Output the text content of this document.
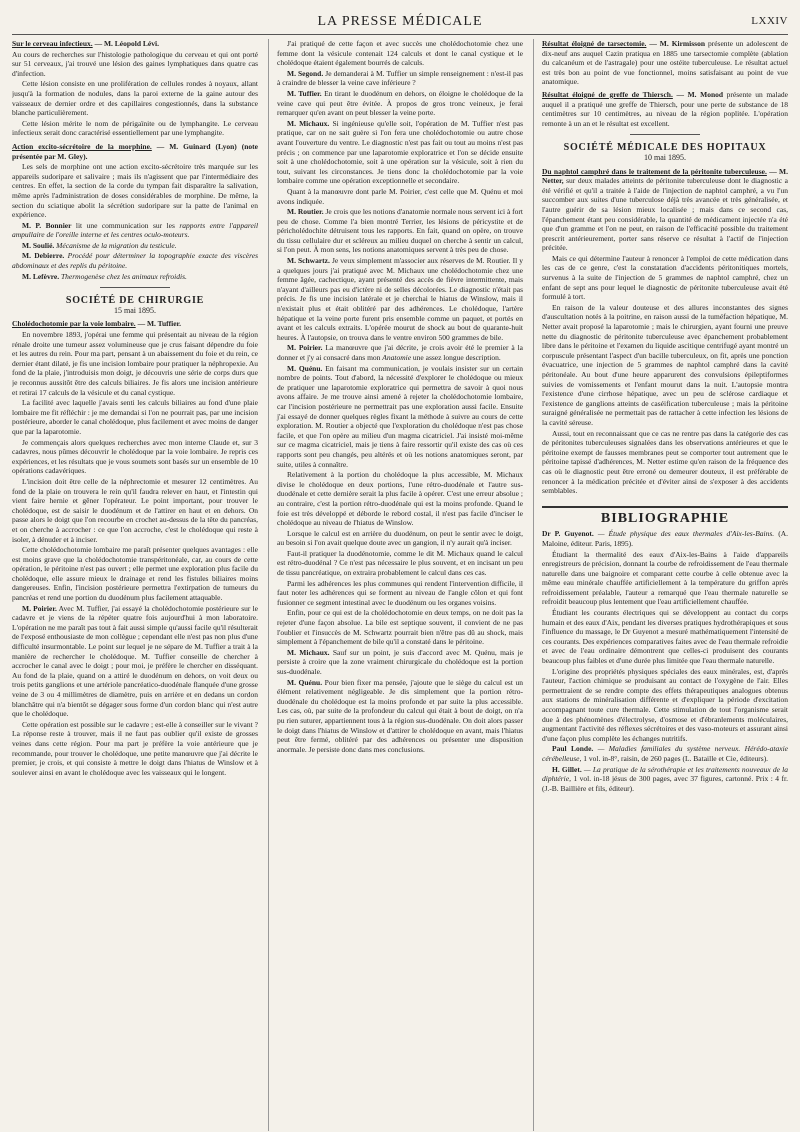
LA PRESSE MÉDICALE	LXXIV

Sur le cerveau infectieux. — M. Léopold Lévi.

Au cours de recherches sur l'histologie pathologique du cerveau et qui ont porté sur 51 cerveaux, j'ai trouvé une lésion des gaines lymphatiques dans quatre cas d'infection.

Cette lésion consiste en une prolifération de cellules rondes à noyaux, allant jusqu'à la formation de nodules, dans la paroi externe de la gaine autour des vaisseaux de dernier ordre et des capillaires congestionnés, dans la substance blanche particulièrement.

Cette lésion mérite le nom de périgaïnite ou de lymphangite. Le cerveau infectieux serait donc caractérisé essentiellement par une lymphangite.

Action excito-sécrétoire de la morphine. — M. Guinard (Lyon) (note présentée par M. Gley).

Les sels de morphine ont une action excito-sécrétoire très marquée sur les appareils sudoripare et salivaire ; mais ils n'agissent que par l'intermédiaire des centres. En effet, la section de la corde du tympan fait disparaître la salivation, même après l'administration de doses considérables de morphine. De même, la section du sciatique abolit la sécrétion sudoripare sur la patte de l'animal en expérience.

M. P. Bonnier lit une communication sur les rapports entre l'appareil ampullaire de l'oreille interne et les centres oculo-moteurs.

M. Soulié. Mécanisme de la migration du testicule.

M. Debierre. Procédé pour déterminer la topographie exacte des viscères abdominaux et des replis du péritoine.

M. Lefèvre. Thermogenèse chez les animaux refroidis.

SOCIÉTÉ DE CHIRURGIE
15 mai 1895.

Cholédochotomie par la voie lombaire. — M. Tuffier.

En novembre 1893, j'opérai une femme qui présentait au niveau de la région rénale droite une tumeur assez volumineuse que je crus faisant dépendre du foie et les autres du rein. Pour ma part, pensant à un abaissement du foie et du rein, ce dernier étant dilaté, je fis une incision lombaire pour pratiquer la néphropexie. Au fond de la plaie, j'introduisis mon doigt, je découvris une série de corps durs que je reconnus aussitôt être des calculs biliaires. Je fis alors une incision antérieure et retirai 17 calculs de la vésicule et du canal cystique.

La facilité avec laquelle j'avais senti les calculs biliaires au fond d'une plaie lombaire me fit réfléchir : je me demandai si l'on ne pourrait pas, par une incision postérieure, aborder le canal cholédoque, plus facilement et avec moins de danger que par la laparotomie.

Je commençais alors quelques recherches avec mon interne Claude et, sur 3 cadavres, nous pûmes découvrir le cholédoque par la voie lombaire. Je repris ces expériences, et les résultats que je vous soumets sont basés sur un ensemble de 10 opérations cadavériques.

L'incision doit être celle de la néphrectomie et mesurer 12 centimètres. Au fond de la plaie on trouvera le rein qu'il faudra relever en haut, et l'intestin qui vient faire hernie et gêner l'opérateur. Le point important, pour trouver le cholédoque, est de saisir le duodénum et de l'attirer en haut et en dehors. On passe alors le doigt que l'on recourbe en crochet au-dessus de la tête du pancréas, et on cherche à accrocher : ce que l'on accroche, c'est le cholédoque qui reste à isoler, à dénuder et à inciser.

Cette cholédochotomie lombaire me paraît présenter quelques avantages : elle est moins grave que la cholédochotomie transpéritonéale, car, au cours de cette opération, le péritoine n'est pas ouvert ; elle permet une exploration plus facile du cholédoque, elle assure mieux le drainage et rend les fistules biliaires moins dangereuses. Enfin, l'incision postérieure permettra l'extirpation de tumeurs du pancréas et rend une portion du duodénum plus facilement attaquable.

M. Poirier. Avec M. Tuffier, j'ai essayé la cholédochotomie postérieure sur le cadavre et je viens de la répéter quatre fois aujourd'hui à mon laboratoire. L'opération ne me paraît pas tout à fait aussi simple qu'aussi facile qu'il résulterait de l'exposé enthousiaste de mon collègue ; cependant elle n'est pas non plus d'une difficulté insurmontable. Le point sur lequel je ne sépare de M. Tuffier a trait à la manière de rechercher le cholédoque. M. Tuffier conseille de chercher à accrocher le canal avec le doigt ; pour moi, je préfère le chercher en disséquant. Au fond de la plaie, quand on a attiré le duodénum en dehors, on voit deux ou trois petits ganglions et une artériole pancréatico-duodénale flanquée d'une grosse veine de 3 ou 4 millimètres de diamètre, puis en arrière et en dedans un cordon blanchâtre qui n'a bientôt se dégager sous forme d'un cordon blanc qui n'est autre que le cholédoque.

Cette opération est possible sur le cadavre ; est-elle à conseiller sur le vivant ? La réponse reste à trouver, mais il ne faut pas oublier qu'il existe de grosses veines dans cette région. Pour ma part je préfère la voie antérieure que je recommande, pour trouver le cholédoque, une petite manœuvre que j'ai décrite le premier, je crois, et qui consiste à mettre le doigt dans l'hiatus de Winslow et à soulever ainsi en avant le cholédoque avec les vaisseaux qui le longent.

J'ai pratiqué de cette façon et avec succès une cholédochotomie chez une femme dont la vésicule contenait 124 calculs et dont le canal cystique et le cholédoque étaient également bourrés de calculs.

M. Segond. Je demanderai à M. Tuffier un simple renseignement : n'est-il pas à craindre de blesser la veine cave inférieure ?

M. Tuffier. En tirant le duodénum en dehors, on éloigne le cholédoque de la veine cave qui peut être évitée. À propos de gros tronc veineux, je ferai remarquer qu'en avant on peut blesser la veine porte.

M. Michaux. Si ingénieuse qu'elle soit, l'opération de M. Tuffier n'est pas pratique, car on ne sait guère si l'on fera une cholédochotomie ou autre chose avant l'ouverture du ventre. Le diagnostic n'est pas fait ou tout au moins n'est pas précis ; on commence par une laparotomie exploratrice et l'on se décide ensuite soit à une cholédochotomie, soit à une opération sur la vésicule, soit à rien du tout, suivant les circonstances. Je tiens donc la cholédochotomie par la voie lombaire comme une opération exceptionnelle et secondaire.

Quant à la manœuvre dont parle M. Poirier, c'est celle que M. Quénu et moi avons indiquée.

M. Routier. Je crois que les notions d'anatomie normale nous servent ici à fort peu de chose. Comme l'a bien montré Terrier, les lésions de péricystite et de péricholédochite détruisent tous les rapports. En fait, quand on opère, on trouve du tissu cellulaire dur et scléreux au milieu duquel on cherche à sentir un calcul, si l'on peut. À mon sens, les notions anatomiques servent à très peu de chose.

M. Schwartz. Je veux simplement m'associer aux réserves de M. Routier. Il y a quelques jours j'ai pratiqué avec M. Michaux une cholédochotomie chez une femme âgée, cachectique, ayant présenté des accès de fièvre intermittente, mais n'ayant d'ailleurs pas eu d'ictère ni de selles décolorées. Le diagnostic n'était pas précis. Je fis une incision latérale et je cherchai le hiatus de Winslow, mais il n'existait plus et était oblitéré par des adhérences. Le cholédoque, l'artère hépatique et la veine porte furent pris ensemble comme un paquet, et portés en avant et les calculs extraits. L'opérée mourut de shock au bout de quarante-huit heures. À l'autopsie, on trouva dans le ventre environ 500 grammes de bile.

M. Poirier. La manœuvre que j'ai décrite, je crois avoir été le premier à la donner et j'y ai consacré dans mon Anatomie une assez longue description.

M. Quénu. En faisant ma communication, je voulais insister sur un certain nombre de points. Tout d'abord, la nécessité d'explorer le cholédoque ou mieux de pratiquer une laparotomie exploratrice qui permettra de savoir à quoi nous avons affaire. Je me trouve ainsi amené à rejeter la cholédochotomie lombaire, car l'incision postérieure ne permettrait pas une exploration aussi facile. Ensuite j'ai essayé de donner quelques règles fixant la méthode à suivre au cours de cette exploration. M. Routier a objecté que l'exploration du cholédoque n'est pas chose facile, et que l'on opère au milieu d'un magma cicatriciel. J'ai insisté moi-même sur ce magma cicatriciel, mais je tiens à faire ressortir qu'il existe des cas où ces rapports sont peu changés, peu altérés et où les notions anatomiques seront, par suite, utiles à connaître.

Relativement à la portion du cholédoque la plus accessible, M. Michaux divise le cholédoque en deux portions, l'une rétro-duodénale et l'autre sus-duodénale et cette dernière serait la plus facile à opérer. C'est une erreur absolue ; au contraire, c'est la portion rétro-duodénale qui est la moins profonde. Quand le foie est très développé et déborde le rebord costal, il n'est pas facile d'inciser le cholédoque au niveau de l'hiatus de Winslow.

Lorsque le calcul est en arrière du duodénum, on peut le sentir avec le doigt, au besoin si l'on avait quelque doute avec un gangion, il n'y aurait qu'à inciser.

Faut-il pratiquer la duodénotomie, comme le dit M. Michaux quand le calcul est rétro-duodénal ? Ce n'est pas nécessaire le plus souvent, et en incisant un peu de tissu pancréatique, on extraira probablement le calcul dans ces cas.

Parmi les adhérences les plus communes qui rendent l'intervention difficile, il faut noter les adhérences qui se forment au niveau de l'angle côlon et qui font fusionner ce segment intestinal avec le duodénum ou les organes voisins.

Enfin, pour ce qui est de la cholédochotomie en deux temps, on ne doit pas la rejeter d'une façon absolue. La bile est septique souvent, il convient de ne pas l'oublier et l'insuccès de M. Schwartz pourrait bien n'être pas dû au shock, mais simplement à l'épanchement de bile qu'il a constaté dans le péritoine.

M. Michaux. Sauf sur un point, je suis d'accord avec M. Quénu, mais je persiste à croire que la zone vraiment chirurgicale du cholédoque est la portion sus-duodénale.

M. Quénu. Pour bien fixer ma pensée, j'ajoute que le siège du calcul est un élément relativement négligeable. Je dis simplement que la portion rétro-duodénale du cholédoque est la moins profonde et par suite la plus accessible. Les cas, où, par suite de la profondeur du calcul qui était à bout de doigt, on n'a pu rien suturer, appartiennent tous à la région sus-duodénale. On doit alors passer le doigt dans l'hiatus de Winslow et d'attirer le cholédoque en avant, mais l'hiatus peut être fermé, oblitéré par des adhérences ou présenter une disposition anormale. Je persiste donc dans mes conclusions.

Résultat éloigné de tarsectomie. — M. Kirmisson présente un adolescent de dix-neuf ans auquel Cazin pratiqua en 1885 une tarsectomie complète (ablation du calcanéum et de l'astragale) pour une ostéite tuberculeuse. Le résultat actuel est très bon au point de vue fonctionnel, moins satisfaisant au point de vue anatomique.

Résultat éloigné de greffe de Thiersch. — M. Monod présente un malade auquel il a pratiqué une greffe de Thiersch, pour une perte de substance de 18 centimètres sur 10 centimètres, au niveau de la région poplitée. L'opération remonte à un an et le résultat est excellent.

SOCIÉTÉ MÉDICALE DES HOPITAUX
10 mai 1895.

Du naphtol camphré dans le traitement de la péritonite tuberculeuse. — M. Netter, sur deux malades atteints de péritonite tuberculeuse dont le diagnostic a été vérifié et qu'il a traitée à l'aide de l'injection de naphtol camphré, a vu l'un succomber aux suites d'une tuberculose déjà très avancée et très généralisée, et l'autre guérir de sa lésion mieux localisée ; mais dans ce second cas, l'épanchement étant peu considérable, la quantité de médicament injectée n'a été que d'un gramme et l'on ne peut, en raison de l'efficacité possible du traitement prescrit antérieurement, porter sans réserve ce résultat à l'actif de l'injection précitée.

Mais ce qui détermine l'auteur à renoncer à l'emploi de cette médication dans les cas de ce genre, c'est la constatation d'accidents péritonitiques mortels, survenus à la suite de l'injection de 5 grammes de naphtol camphré, chez un enfant de sept ans pour lequel le diagnostic de péritonite tuberculeuse avait été formulé à tort.

En raison de la valeur douteuse et des allures inconstantes des signes d'auscultation notés à la poitrine, en raison aussi de la tuméfaction hépatique, M. Netter avait proposé la laparotomie ; mais le chirurgien, ayant fourni une preuve nette du diagnostic de péritonite tuberculeuse avec épanchement probablement libre dans le péritoine et l'examen du liquide ascitique centrifugé ayant montré un corpuscule présentant l'aspect d'un bacille tuberculeux, on fit, après une ponction évacuatrice, une injection de 5 grammes de naphtol camphré dans la cavité péritonéale. Au bout d'une heure apparurent des convulsions épileptiformes suivies de vomissements et l'enfant mourut dans la nuit. L'autopsie montra l'existence d'une cirrhose hépatique, avec un peu de sclérose cardiaque et l'existence de ganglions atteints de caséification tuberculeuse ; mais la péritoine suraigné généralisée ne permettait pas de rattacher à cette infection les lésions de la cavité séreuse.

Aussi, tout en reconnaissant que ce cas ne rentre pas dans la catégorie des cas de péritonites tuberculeuses signalées dans les observations antérieures et que le péritoine exempt de fausses membranes peut se comporter tout autrement que le péritoine tapissé d'adhérences, M. Netter estime qu'en raison de la fréquence des cas où le diagnostic peut être erroné ou demeurer douteux, il est préférable de renoncer à la médication précitée et d'éviter ainsi de s'exposer à des accidents semblables.

BIBLIOGRAPHIE

Dr P. Guyenot. — Étude physique des eaux thermales d'Aix-les-Bains. (A. Maloine, éditeur. Paris, 1895).

Étudiant la thermalité des eaux d'Aix-les-Bains à l'aide d'appareils enregistreurs de précision, donnant la courbe de refroidissement de l'eau thermale naturelle dans une baignoire et comparant cette courbe à celle obtenue avec la même eau minérale chauffée artificiellement à la température du griffon après refroidissement préalable, l'auteur a remarqué que l'eau thermale naturelle se refroidit beaucoup plus lentement que l'eau artificiellement chauffée.

Étudiant les courants électriques qui se développent au contact du corps humain et des eaux d'Aix, pendant les diverses pratiques hydrothérapiques et sous l'influence du massage, le Dr Guyenot a mesuré mathématiquement l'intensité de ces courants. Des expériences comparatives faites avec de l'eau thermale refroidie et avec de l'eau ordinaire démontrent que celles-ci produisent des courants beaucoup plus faibles et d'une durée plus limitée que l'eau thermale naturelle.

L'origine des propriétés physiques spéciales des eaux minérales, est, d'après l'auteur, l'action chimique se produisant au contact de l'oxygène de l'air. Elles permettraient de se rendre compte des effets thérapeutiques analogues obtenus aux stations de minéralisation différente et d'expliquer la période d'excitation accompagnant toute cure thermale. Cette stimulation de tout l'organisme serait due à des phénomènes d'électrolyse, d'osmose et d'ébranlements moléculaires, augmentant l'activité des réflexes sécrétoires et des vaso-moteurs et assurant ainsi d'une façon plus complète les échanges nutritifs.

Paul Londe. — Maladies familiales du système nerveux. Hérédo-ataxie cérébelleuse, 1 vol. in-8°, raisin, de 260 pages (L. Bataille et Cie, éditeurs).

H. Gillet. — La pratique de la sérothérapie et les traitements nouveaux de la diphtérie, 1 vol. in-18 jésus de 300 pages, avec 37 figures, cartonné. Prix : 4 fr. (J.-B. Baillière et fils, éditeur).
